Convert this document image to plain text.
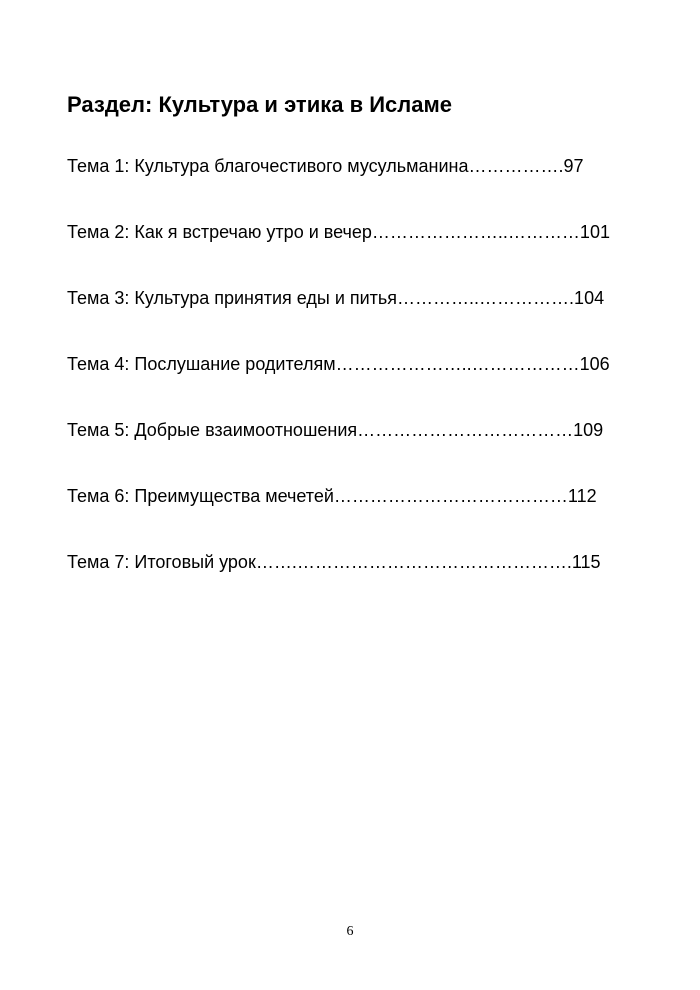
Раздел: Культура и этика в Исламе
Тема 1: Культура благочестивого мусульманина…………….97
Тема 2: Как я встречаю утро и вечер…………………..…………101
Тема 3: Культура принятия еды и питья…………..…………….104
Тема 4: Послушание родителям…………………..………………106
Тема 5: Добрые взаимоотношения………………………………109
Тема 6: Преимущества мечетей…………………………………112
Тема 7: Итоговый урок…….……………………………………….115
6
